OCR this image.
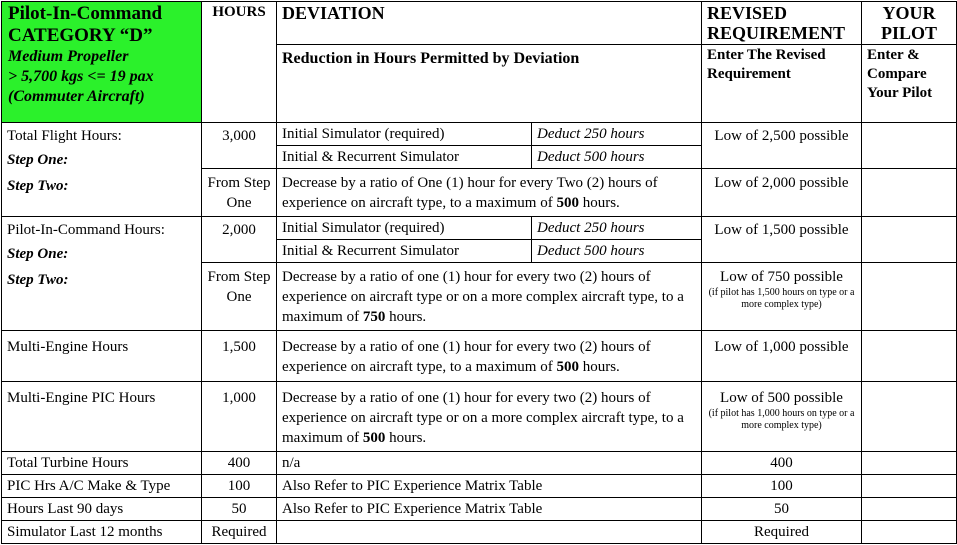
Pilot-In-Command
CATEGORY “D”
Medium Propeller
> 5,700 kgs <= 19 pax
(Commuter Aircraft)	HOURS	DEVIATION		REVISED REQUIREMENT	YOUR PILOT
		Reduction in Hours Permitted by Deviation		Enter The Revised Requirement	Enter & Compare Your Pilot

Total Flight Hours:
Step One:
Step Two:	3,000	Initial Simulator (required)	Deduct 250 hours	Low of 2,500 possible	
		Initial & Recurrent Simulator	Deduct 500 hours		
	From Step One	Decrease by a ratio of One (1) hour for every Two (2) hours of experience on aircraft type, to a maximum of 500 hours.		Low of 2,000 possible	

Pilot-In-Command Hours:
Step One:
Step Two:	2,000	Initial Simulator (required)	Deduct 250 hours	Low of 1,500 possible	
		Initial & Recurrent Simulator	Deduct 500 hours		
	From Step One	Decrease by a ratio of one (1) hour for every two (2) hours of experience on aircraft type or on a more complex aircraft type, to a maximum of 750 hours.		Low of 750 possible
(if pilot has 1,500 hours on type or a more complex type)	

Multi-Engine Hours	1,500	Decrease by a ratio of one (1) hour for every two (2) hours of experience on aircraft type, to a maximum of 500 hours.		Low of 1,000 possible	
Multi-Engine PIC Hours	1,000	Decrease by a ratio of one (1) hour for every two (2) hours of experience on aircraft type or on a more complex aircraft type, to a maximum of 500 hours.		Low of 500 possible
(if pilot has 1,000 hours on type or a more complex type)	

Total Turbine Hours	400	n/a		400	
PIC Hrs A/C Make & Type	100	Also Refer to PIC Experience Matrix Table		100	
Hours Last 90 days	50	Also Refer to PIC Experience Matrix Table		50	
Simulator Last 12 months	Required			Required	
